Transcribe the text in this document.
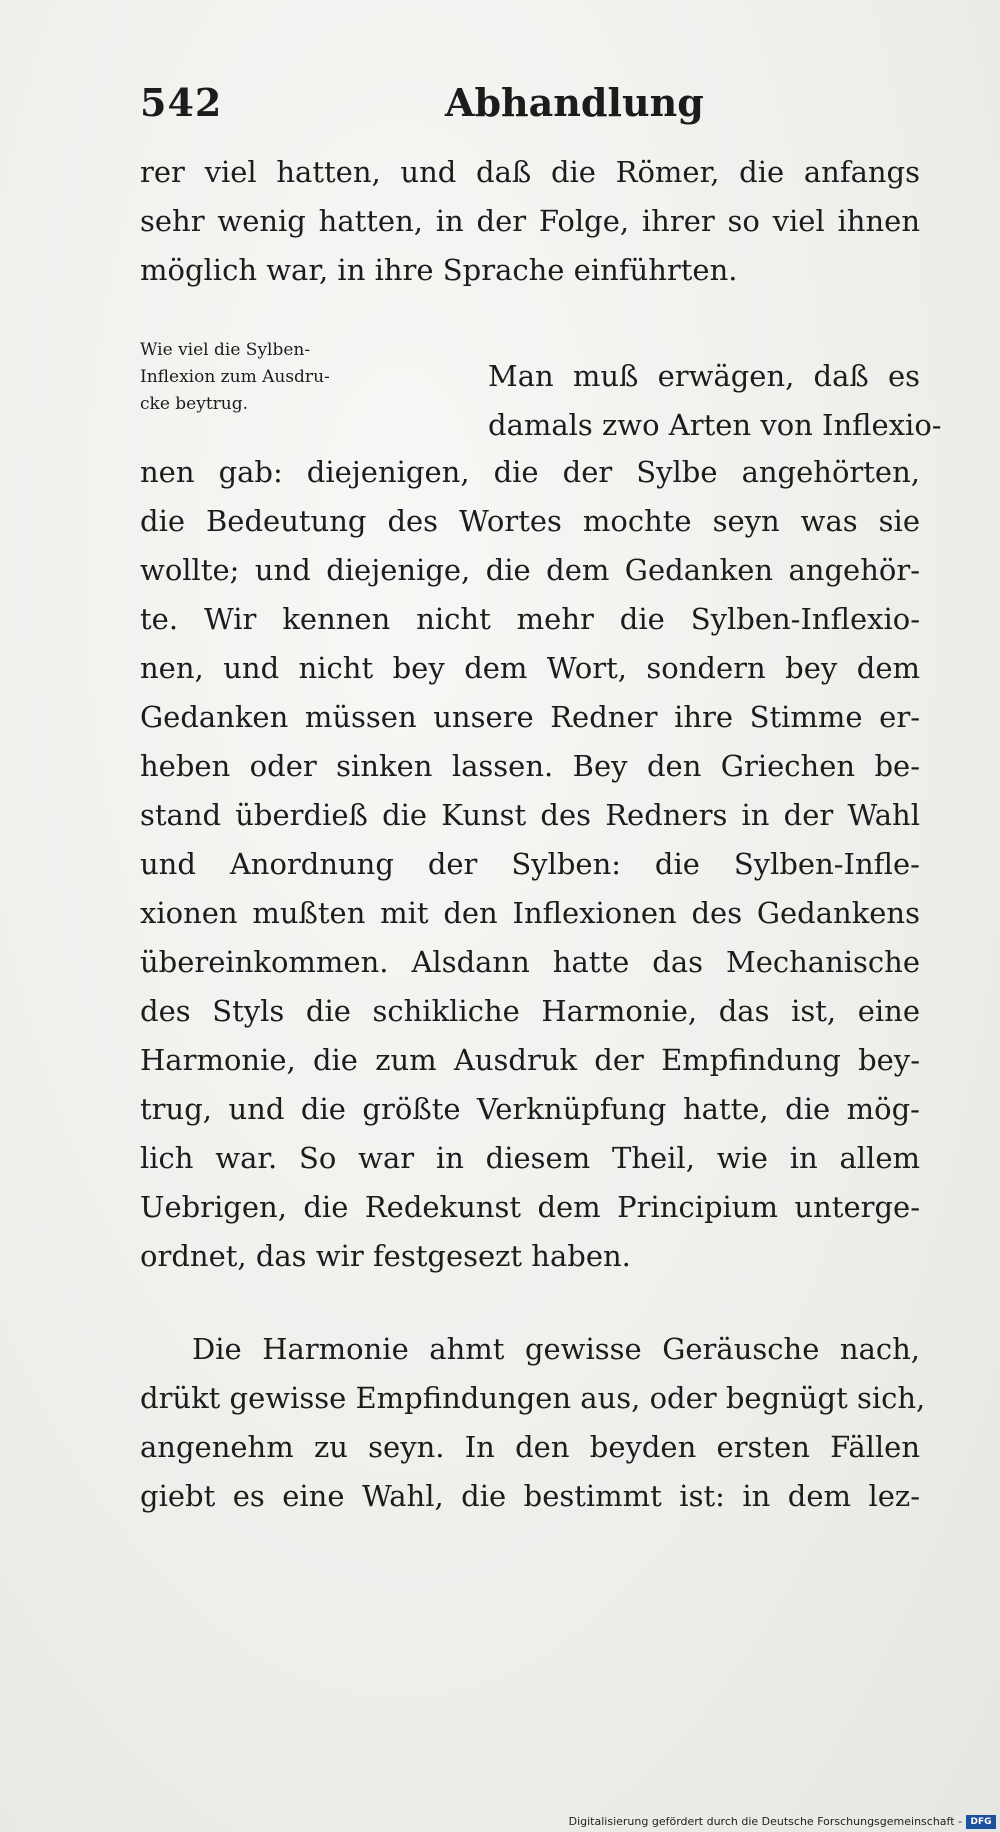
542	Abhandlung
rer viel hatten, und daß die Römer, die anfangs
sehr wenig hatten, in der Folge, ihrer so viel ihnen
möglich war, in ihre Sprache einführten.
Wie viel die Sylben-
Inflexion zum Ausdru-
cke beytrug.
Man muß erwägen, daß es
damals zwo Arten von Inflexio-
nen gab: diejenigen, die der Sylbe angehörten,
die Bedeutung des Wortes mochte seyn was sie
wollte; und diejenige, die dem Gedanken angehör-
te. Wir kennen nicht mehr die Sylben-Inflexio-
nen, und nicht bey dem Wort, sondern bey dem
Gedanken müssen unsere Redner ihre Stimme er-
heben oder sinken lassen. Bey den Griechen be-
stand überdieß die Kunst des Redners in der Wahl
und Anordnung der Sylben: die Sylben-Infle-
xionen mußten mit den Inflexionen des Gedankens
übereinkommen. Alsdann hatte das Mechanische
des Styls die schikliche Harmonie, das ist, eine
Harmonie, die zum Ausdruk der Empfindung bey-
trug, und die größte Verknüpfung hatte, die mög-
lich war. So war in diesem Theil, wie in allem
Uebrigen, die Redekunst dem Principium unterge-
ordnet, das wir festgesezt haben.
Die Harmonie ahmt gewisse Geräusche nach,
drükt gewisse Empfindungen aus, oder begnügt sich,
angenehm zu seyn. In den beyden ersten Fällen
giebt es eine Wahl, die bestimmt ist: in dem lez-
Digitalisierung gefördert durch die Deutsche Forschungsgemeinschaft - DFG
